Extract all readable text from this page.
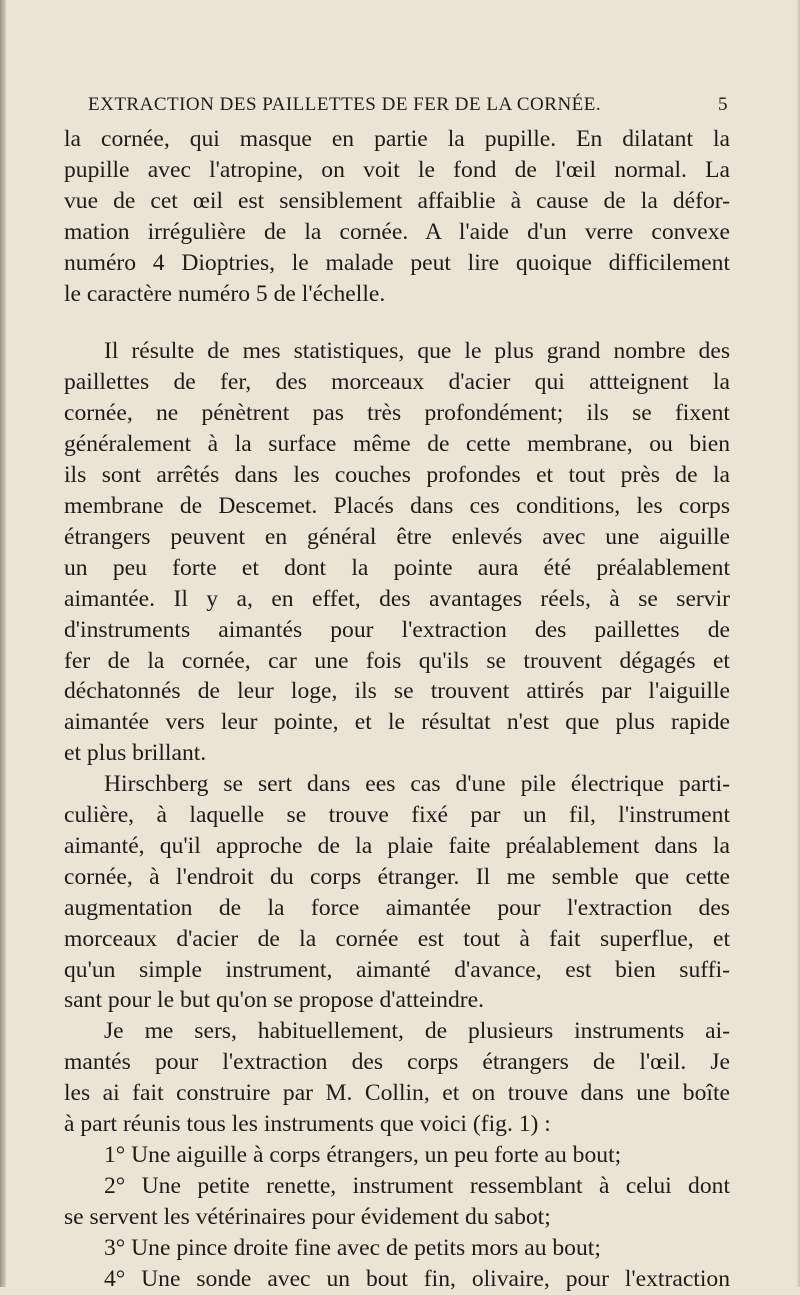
EXTRACTION DES PAILLETTES DE FER DE LA CORNÉE.	5
la cornée, qui masque en partie la pupille. En dilatant la
pupille avec l'atropine, on voit le fond de l'œil normal. La
vue de cet œil est sensiblement affaiblie à cause de la défor-
mation irrégulière de la cornée. A l'aide d'un verre convexe
numéro 4 Dioptries, le malade peut lire quoique difficilement
le caractère numéro 5 de l'échelle.
Il résulte de mes statistiques, que le plus grand nombre des
paillettes de fer, des morceaux d'acier qui attteignent la
cornée, ne pénètrent pas très profondément; ils se fixent
généralement à la surface même de cette membrane, ou bien
ils sont arrêtés dans les couches profondes et tout près de la
membrane de Descemet. Placés dans ces conditions, les corps
étrangers peuvent en général être enlevés avec une aiguille
un peu forte et dont la pointe aura été préalablement
aimantée. Il y a, en effet, des avantages réels, à se servir
d'instruments aimantés pour l'extraction des paillettes de
fer de la cornée, car une fois qu'ils se trouvent dégagés et
déchatonnés de leur loge, ils se trouvent attirés par l'aiguille
aimantée vers leur pointe, et le résultat n'est que plus rapide
et plus brillant.
Hirschberg se sert dans ees cas d'une pile électrique parti-
culière, à laquelle se trouve fixé par un fil, l'instrument
aimanté, qu'il approche de la plaie faite préalablement dans la
cornée, à l'endroit du corps étranger. Il me semble que cette
augmentation de la force aimantée pour l'extraction des
morceaux d'acier de la cornée est tout à fait superflue, et
qu'un simple instrument, aimanté d'avance, est bien suffi-
sant pour le but qu'on se propose d'atteindre.
Je me sers, habituellement, de plusieurs instruments ai-
mantés pour l'extraction des corps étrangers de l'œil. Je
les ai fait construire par M. Collin, et on trouve dans une boîte
à part réunis tous les instruments que voici (fig. 1) :
1° Une aiguille à corps étrangers, un peu forte au bout;
2° Une petite renette, instrument ressemblant à celui dont
se servent les vétérinaires pour évidement du sabot;
3° Une pince droite fine avec de petits mors au bout;
4° Une sonde avec un bout fin, olivaire, pour l'extraction
